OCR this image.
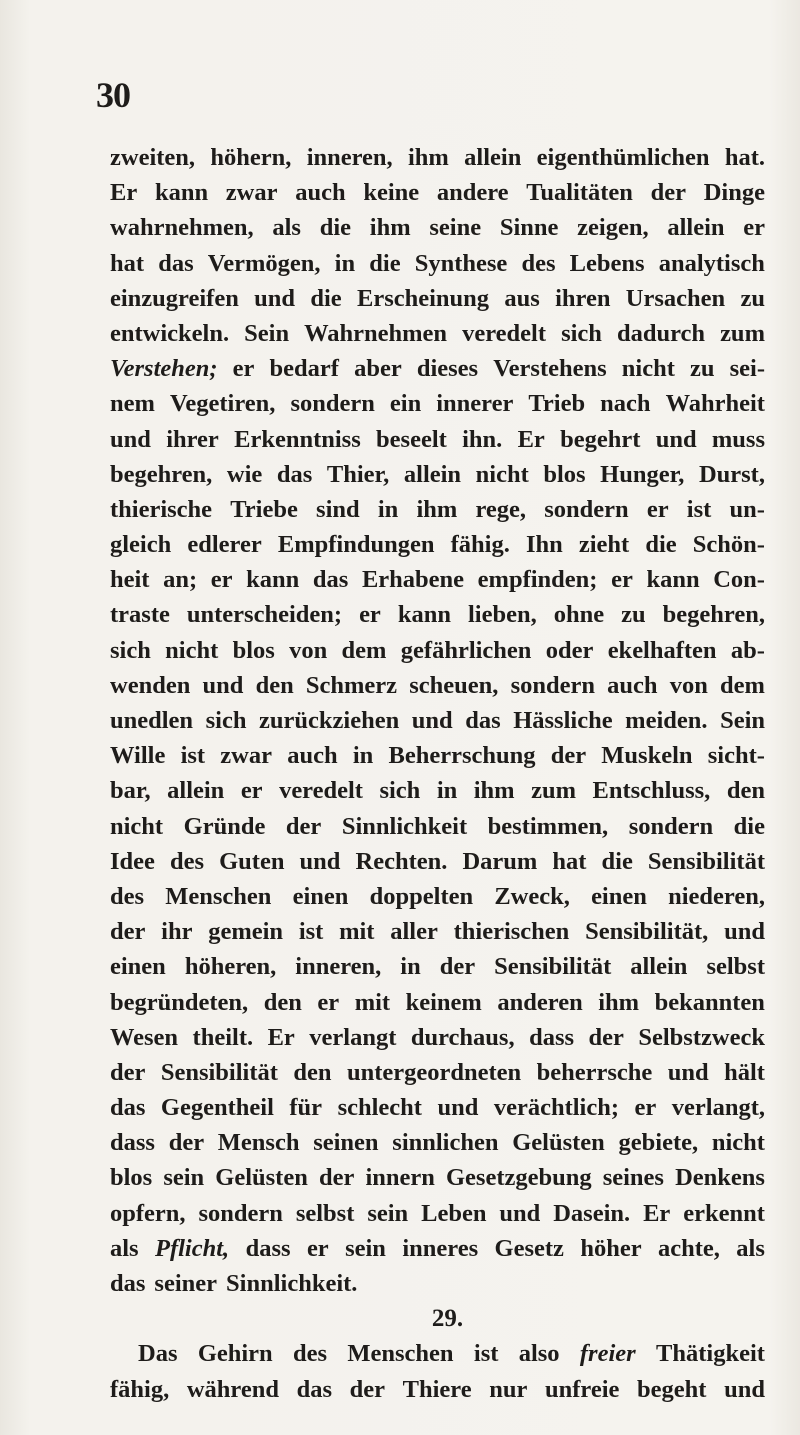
30
zweiten, höhern, inneren, ihm allein eigenthümlichen hat.
Er kann zwar auch keine andere Tualitäten der Dinge
wahrnehmen, als die ihm seine Sinne zeigen, allein er
hat das Vermögen, in die Synthese des Lebens analytisch
einzugreifen und die Erscheinung aus ihren Ursachen zu
entwickeln. Sein Wahrnehmen veredelt sich dadurch zum
Verstehen; er bedarf aber dieses Verstehens nicht zu sei-
nem Vegetiren, sondern ein innerer Trieb nach Wahrheit
und ihrer Erkenntniss beseelt ihn. Er begehrt und muss
begehren, wie das Thier, allein nicht blos Hunger, Durst,
thierische Triebe sind in ihm rege, sondern er ist un-
gleich edlerer Empfindungen fähig. Ihn zieht die Schön-
heit an; er kann das Erhabene empfinden; er kann Con-
traste unterscheiden; er kann lieben, ohne zu begehren,
sich nicht blos von dem gefährlichen oder ekelhaften ab-
wenden und den Schmerz scheuen, sondern auch von dem
unedlen sich zurückziehen und das Hässliche meiden. Sein
Wille ist zwar auch in Beherrschung der Muskeln sicht-
bar, allein er veredelt sich in ihm zum Entschluss, den
nicht Gründe der Sinnlichkeit bestimmen, sondern die
Idee des Guten und Rechten. Darum hat die Sensibilität
des Menschen einen doppelten Zweck, einen niederen,
der ihr gemein ist mit aller thierischen Sensibilität, und
einen höheren, inneren, in der Sensibilität allein selbst
begründeten, den er mit keinem anderen ihm bekannten
Wesen theilt. Er verlangt durchaus, dass der Selbstzweck
der Sensibilität den untergeordneten beherrsche und hält
das Gegentheil für schlecht und verächtlich; er verlangt,
dass der Mensch seinen sinnlichen Gelüsten gebiete, nicht
blos sein Gelüsten der innern Gesetzgebung seines Denkens
opfern, sondern selbst sein Leben und Dasein. Er erkennt
als Pflicht, dass er sein inneres Gesetz höher achte, als
das seiner Sinnlichkeit.
29.
Das Gehirn des Menschen ist also freier Thätigkeit
fähig, während das der Thiere nur unfreie begeht und
